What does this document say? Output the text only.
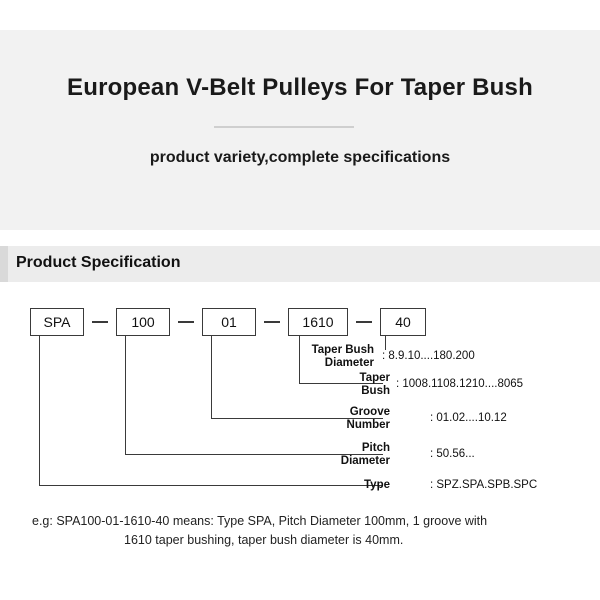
European V-Belt Pulleys For Taper Bush
product variety,complete specifications
Product Specification
SPA	100	01	1610	40
Taper Bush
Diameter
: 8.9.10....180.200
Taper
Bush
: 1008.1108.1210....8065
Groove
Number
: 01.02....10.12
Pitch
Diameter
: 50.56...
Type	: SPZ.SPA.SPB.SPC
e.g: SPA100-01-1610-40 means: Type SPA, Pitch Diameter 100mm, 1 groove with
1610 taper bushing, taper bush diameter is 40mm.
